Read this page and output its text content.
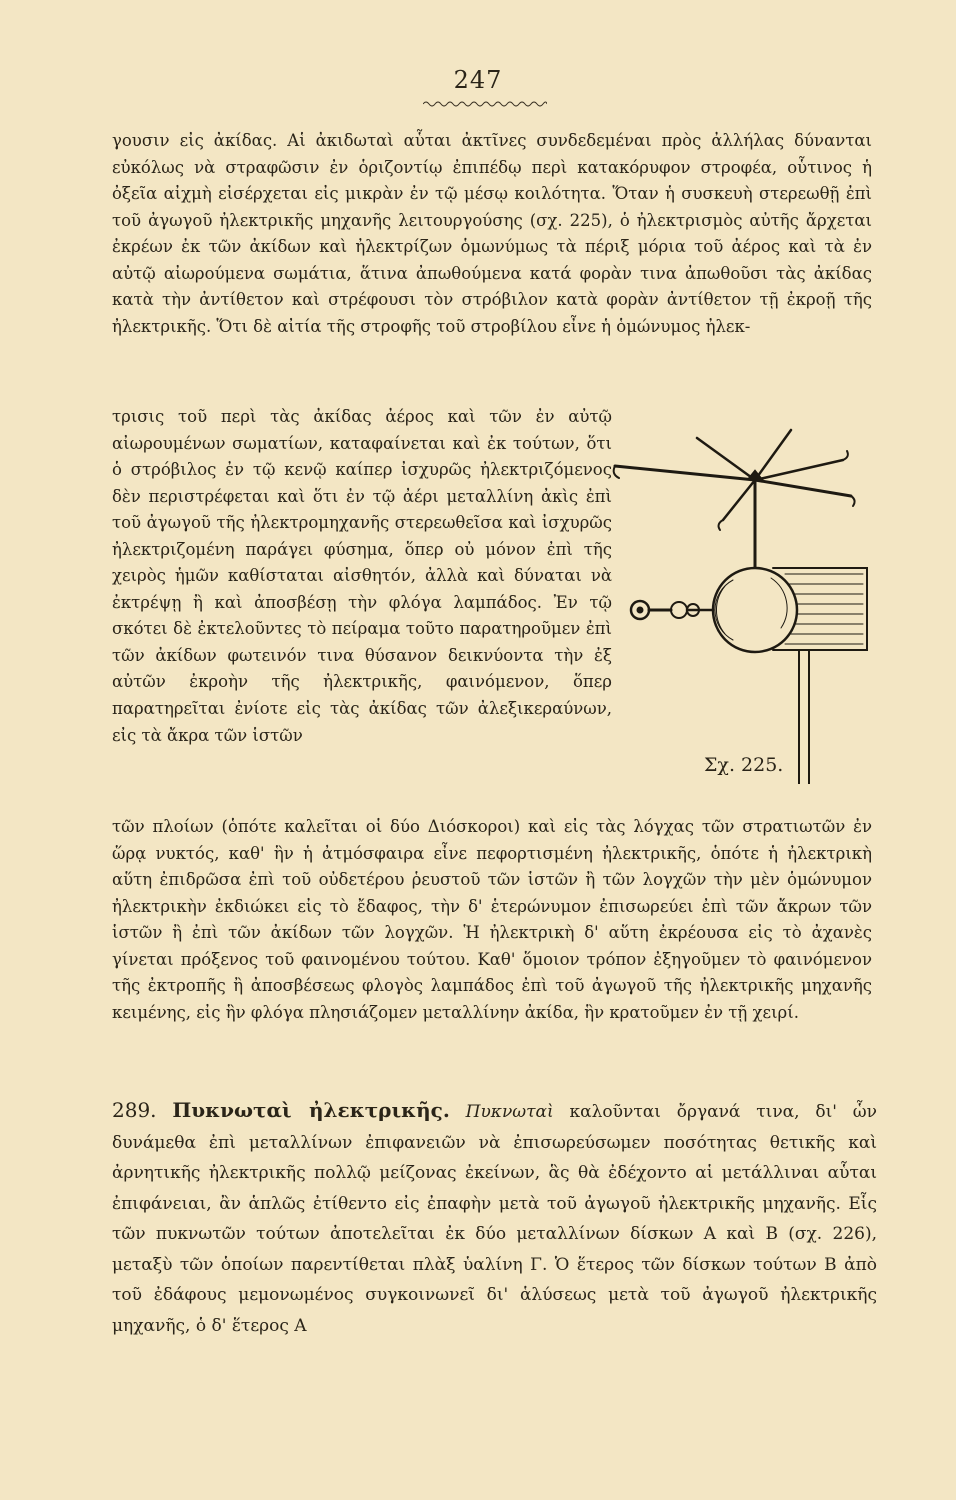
247

γουσιν εἰς ἀκίδας. Αἱ ἀκιδωταὶ αὗται ἀκτῖνες συνδεδεμέναι πρὸς ἀλλήλας δύνανται εὐκόλως νὰ στραφῶσιν ἐν ὁριζοντίῳ ἐπιπέδῳ περὶ κατακόρυφον στροφέα, οὗτινος ἡ ὀξεῖα αἰχμὴ εἰσέρχεται εἰς μικρὰν ἐν τῷ μέσῳ κοιλότητα. Ὅταν ἡ συσκευὴ στερεωθῇ ἐπὶ τοῦ ἀγωγοῦ ἠλεκτρικῆς μηχανῆς λειτουργούσης (σχ. 225), ὁ ἠλεκτρισμὸς αὐτῆς ἄρχεται ἐκρέων ἐκ τῶν ἀκίδων καὶ ἠλεκτρίζων ὁμωνύμως τὰ πέριξ μόρια τοῦ ἀέρος καὶ τὰ ἐν αὐτῷ αἰωρούμενα σωμάτια, ἅτινα ἀπωθούμενα κατά φορὰν τινα ἀπωθοῦσι τὰς ἀκίδας κατὰ τὴν ἀντίθετον καὶ στρέφουσι τὸν στρόβιλον κατὰ φορὰν ἀντίθετον τῇ ἐκροῇ τῆς ἠλεκτρικῆς. Ὅτι δὲ αἰτία τῆς στροφῆς τοῦ στροβίλου εἶνε ἡ ὁμώνυμος ἠλεκ-

τρισις τοῦ περὶ τὰς ἀκίδας ἀέρος καὶ τῶν ἐν αὐτῷ αἰωρουμένων σωματίων, καταφαίνεται καὶ ἐκ τούτων, ὅτι ὁ στρόβιλος ἐν τῷ κενῷ καίπερ ἰσχυρῶς ἠλεκτριζόμενος δὲν περιστρέφεται καὶ ὅτι ἐν τῷ ἀέρι μεταλλίνη ἀκὶς ἐπὶ τοῦ ἀγωγοῦ τῆς ἠλεκτρομηχανῆς στερεωθεῖσα καὶ ἰσχυρῶς ἠλεκτριζομένη παράγει φύσημα, ὅπερ οὐ μόνον ἐπὶ τῆς χειρὸς ἡμῶν καθίσταται αἰσθητόν, ἀλλὰ καὶ δύναται νὰ ἐκτρέψῃ ἢ καὶ ἀποσβέσῃ τὴν φλόγα λαμπάδος. Ἐν τῷ σκότει δὲ ἐκτελοῦντες τὸ πείραμα τοῦτο παρατηροῦμεν ἐπὶ τῶν ἀκίδων φωτεινόν τινα θύσανον δεικνύοντα τὴν ἐξ αὐτῶν ἐκροὴν τῆς ἠλεκτρικῆς, φαινόμενον, ὅπερ παρατηρεῖται ἐνίοτε εἰς τὰς ἀκίδας τῶν ἀλεξικεραύνων, εἰς τὰ ἄκρα τῶν ἱστῶν

Σχ. 225.

τῶν πλοίων (ὁπότε καλεῖται οἱ δύο Διόσκοροι) καὶ εἰς τὰς λόγχας τῶν στρατιωτῶν ἐν ὥρᾳ νυκτός, καθ' ἣν ἡ ἀτμόσφαιρα εἶνε πεφορτισμένη ἠλεκτρικῆς, ὁπότε ἡ ἠλεκτρικὴ αὕτη ἐπιδρῶσα ἐπὶ τοῦ οὐδετέρου ῥευστοῦ τῶν ἱστῶν ἢ τῶν λογχῶν τὴν μὲν ὁμώνυμον ἠλεκτρικὴν ἐκδιώκει εἰς τὸ ἔδαφος, τὴν δ' ἑτερώνυμον ἐπισωρεύει ἐπὶ τῶν ἄκρων τῶν ἱστῶν ἢ ἐπὶ τῶν ἀκίδων τῶν λογχῶν. Ἡ ἠλεκτρικὴ δ' αὕτη ἐκρέουσα εἰς τὸ ἀχανὲς γίνεται πρόξενος τοῦ φαινομένου τούτου. Καθ' ὅμοιον τρόπον ἐξηγοῦμεν τὸ φαινόμενον τῆς ἐκτροπῆς ἢ ἀποσβέσεως φλογὸς λαμπάδος ἐπὶ τοῦ ἀγωγοῦ τῆς ἠλεκτρικῆς μηχανῆς κειμένης, εἰς ἣν φλόγα πλησιάζομεν μεταλλίνην ἀκίδα, ἣν κρατοῦμεν ἐν τῇ χειρί.

289. Πυκνωταὶ ἠλεκτρικῆς. Πυκνωταὶ καλοῦνται ὄργανά τινα, δι' ὧν δυνάμεθα ἐπὶ μεταλλίνων ἐπιφανειῶν νὰ ἐπισωρεύσωμεν ποσότητας θετικῆς καὶ ἀρνητικῆς ἠλεκτρικῆς πολλῷ μείζονας ἐκείνων, ἃς θὰ ἐδέχοντο αἱ μετάλλιναι αὗται ἐπιφάνειαι, ἂν ἁπλῶς ἐτίθεντο εἰς ἐπαφὴν μετὰ τοῦ ἀγωγοῦ ἠλεκτρικῆς μηχανῆς. Εἷς τῶν πυκνωτῶν τούτων ἀποτελεῖται ἐκ δύο μεταλλίνων δίσκων Α καὶ Β (σχ. 226), μεταξὺ τῶν ὁποίων παρεντίθεται πλὰξ ὑαλίνη Γ. Ὁ ἕτερος τῶν δίσκων τούτων Β ἀπὸ τοῦ ἐδάφους μεμονωμένος συγκοινωνεῖ δι' ἁλύσεως μετὰ τοῦ ἀγωγοῦ ἠλεκτρικῆς μηχανῆς, ὁ δ' ἕτερος Α
